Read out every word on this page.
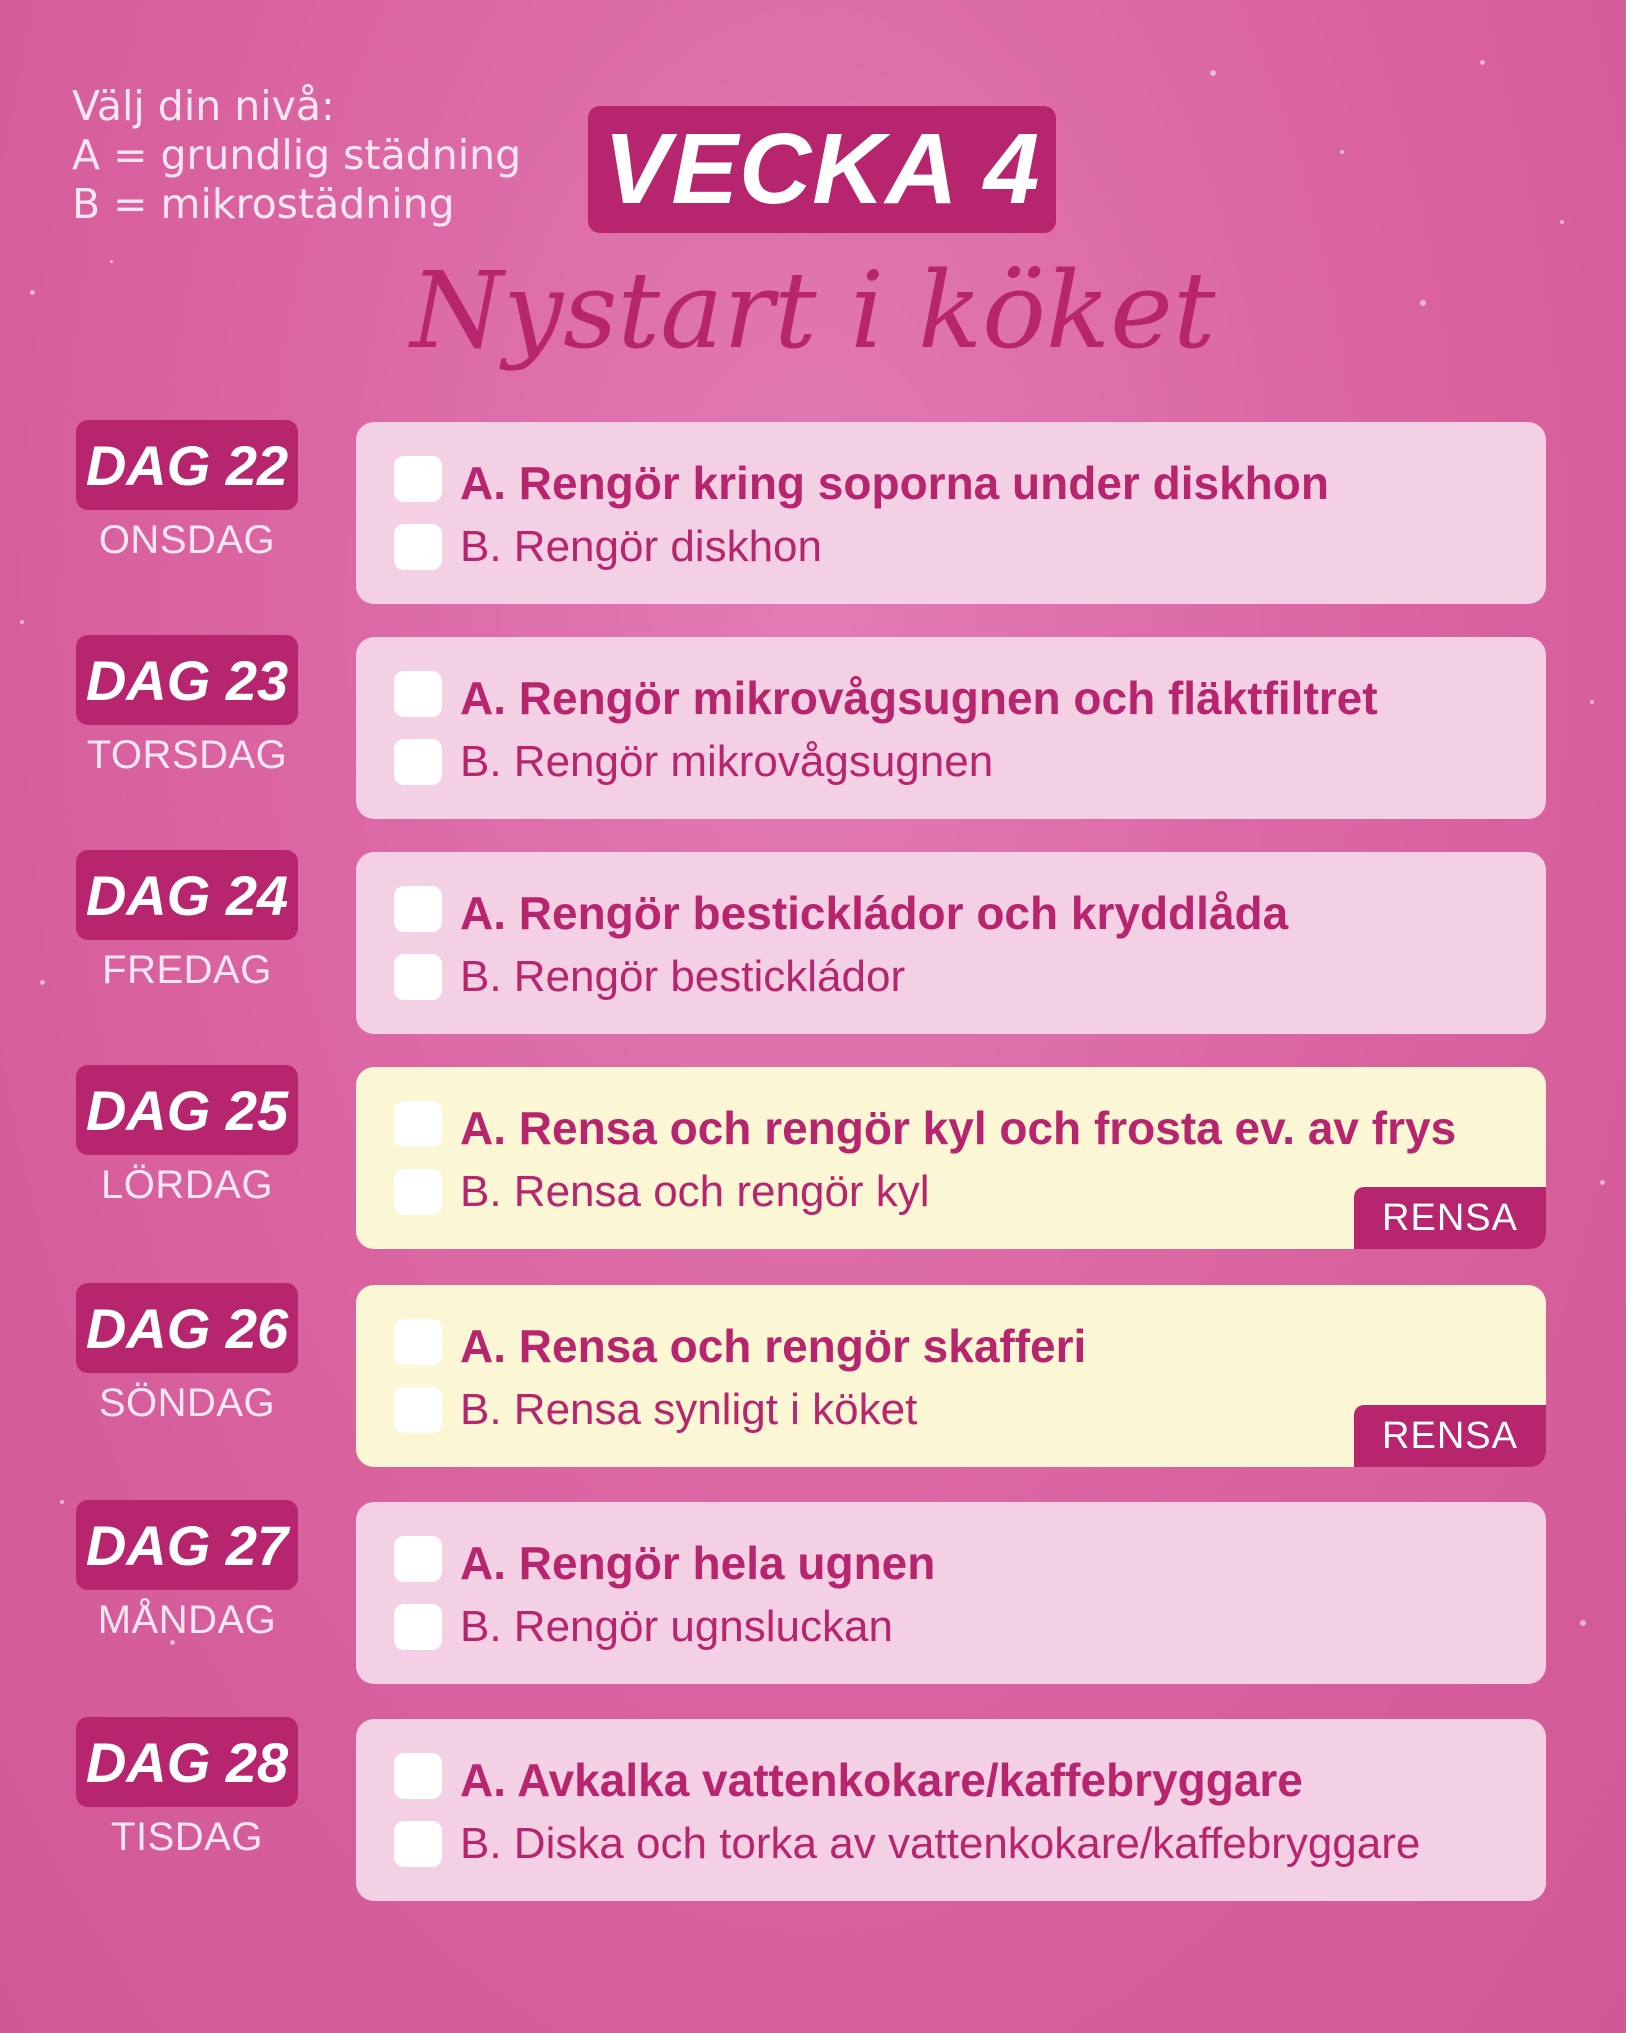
Välj din nivå:
A = grundlig städning
B = mikrostädning	VECKA 4
Nystart i köket
DAG 22
ONSDAG
A. Rengör kring soporna under diskhon
B. Rengör diskhon
DAG 23
TORSDAG
A. Rengör mikrovågsugnen och fläktfiltret
B. Rengör mikrovågsugnen
DAG 24
FREDAG
A. Rengör bestickládor och kryddlåda
B. Rengör bestickládor
DAG 25
LÖRDAG
A. Rensa och rengör kyl och frosta ev. av frys
B. Rensa och rengör kyl
RENSA
DAG 26
SÖNDAG
A. Rensa och rengör skafferi
B. Rensa synligt i köket
RENSA
DAG 27
MÅNDAG
A. Rengör hela ugnen
B. Rengör ugnsluckan
DAG 28
TISDAG
A. Avkalka vattenkokare/kaffebryggare
B. Diska och torka av vattenkokare/kaffebryggare
